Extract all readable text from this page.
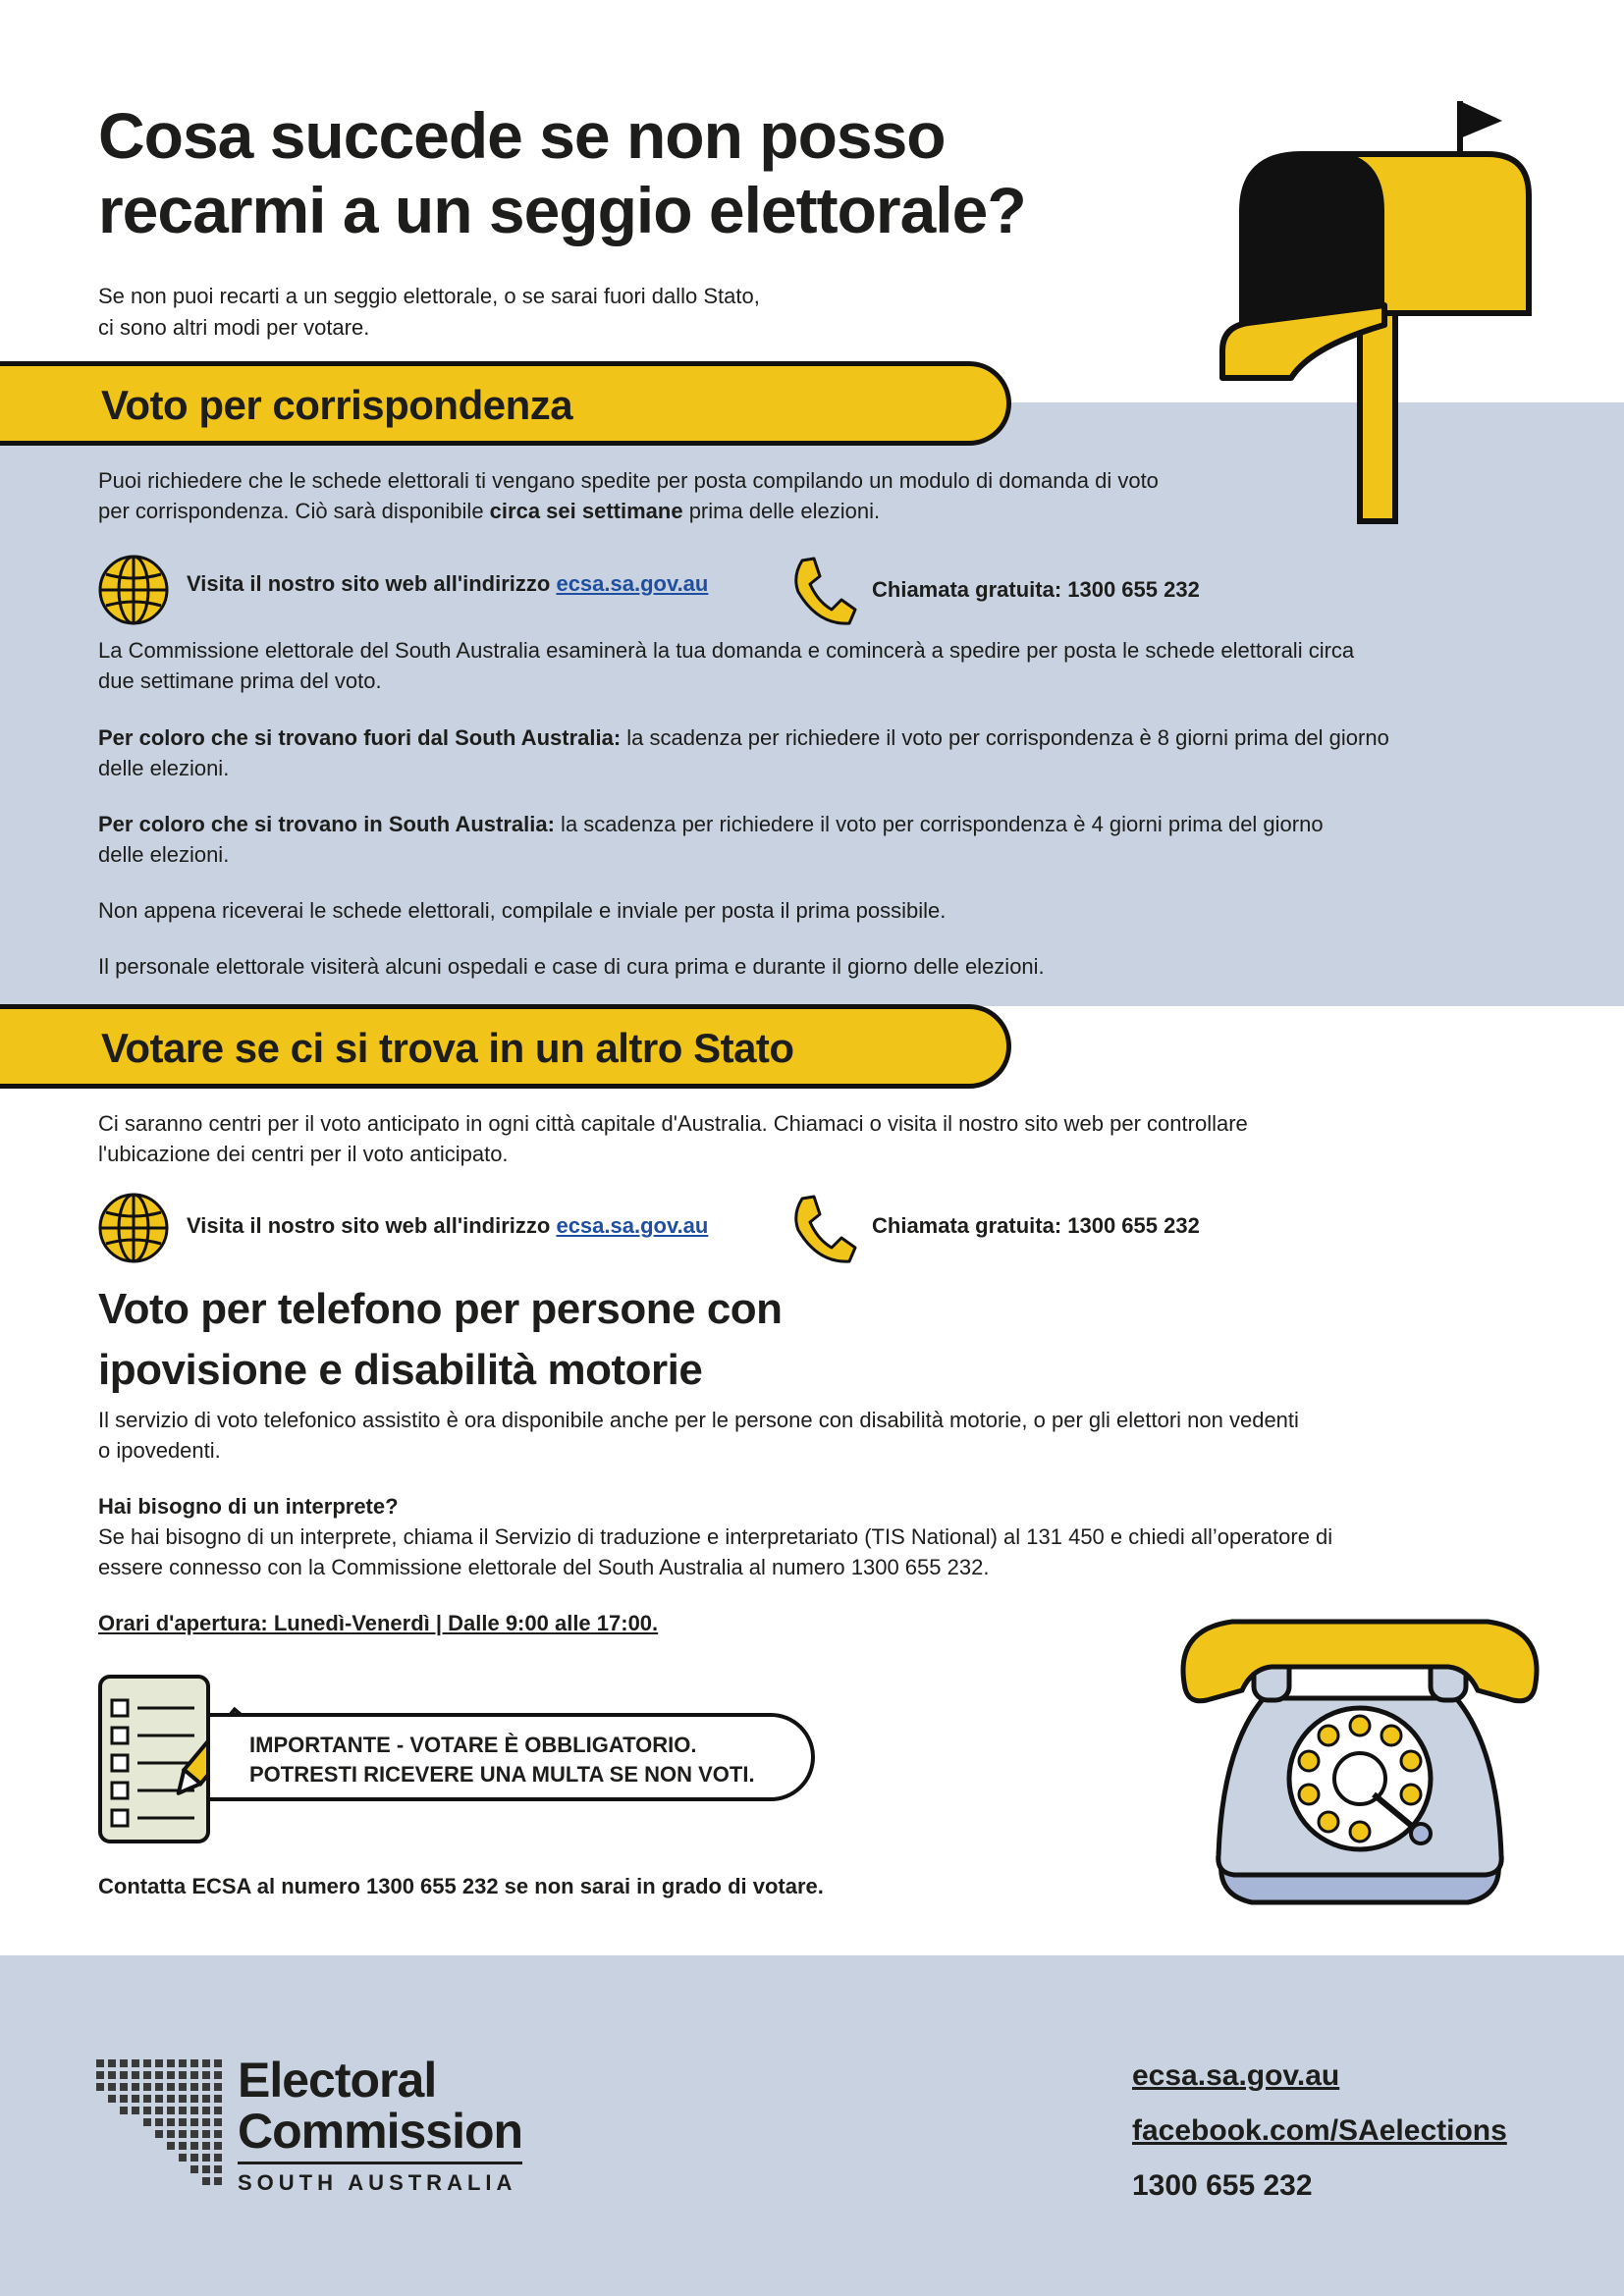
Cosa succede se non posso
recarmi a un seggio elettorale?
Se non puoi recarti a un seggio elettorale, o se sarai fuori dallo Stato,
ci sono altri modi per votare.
Voto per corrispondenza
Puoi richiedere che le schede elettorali ti vengano spedite per posta compilando un modulo di domanda di voto
per corrispondenza. Ciò sarà disponibile circa sei settimane prima delle elezioni.
Visita il nostro sito web all'indirizzo ecsa.sa.gov.au	Chiamata gratuita: 1300 655 232
La Commissione elettorale del South Australia esaminerà la tua domanda e comincerà a spedire per posta le schede elettorali circa
due settimane prima del voto.
Per coloro che si trovano fuori dal South Australia: la scadenza per richiedere il voto per corrispondenza è 8 giorni prima del giorno
delle elezioni.
Per coloro che si trovano in South Australia: la scadenza per richiedere il voto per corrispondenza è 4 giorni prima del giorno
delle elezioni.
Non appena riceverai le schede elettorali, compilale e inviale per posta il prima possibile.
Il personale elettorale visiterà alcuni ospedali e case di cura prima e durante il giorno delle elezioni.
Votare se ci si trova in un altro Stato
Ci saranno centri per il voto anticipato in ogni città capitale d'Australia. Chiamaci o visita il nostro sito web per controllare
l'ubicazione dei centri per il voto anticipato.
Visita il nostro sito web all'indirizzo ecsa.sa.gov.au	Chiamata gratuita: 1300 655 232
Voto per telefono per persone con
ipovisione e disabilità motorie
Il servizio di voto telefonico assistito è ora disponibile anche per le persone con disabilità motorie, o per gli elettori non vedenti
o ipovedenti.
Hai bisogno di un interprete?
Se hai bisogno di un interprete, chiama il Servizio di traduzione e interpretariato (TIS National) al 131 450 e chiedi all’operatore di
essere connesso con la Commissione elettorale del South Australia al numero 1300 655 232.
Orari d'apertura: Lunedì-Venerdì | Dalle 9:00 alle 17:00.
IMPORTANTE - VOTARE È OBBLIGATORIO.
POTRESTI RICEVERE UNA MULTA SE NON VOTI.
Contatta ECSA al numero 1300 655 232 se non sarai in grado di votare.
Electoral
Commission
SOUTH AUSTRALIA
ecsa.sa.gov.au
facebook.com/SAelections
1300 655 232
